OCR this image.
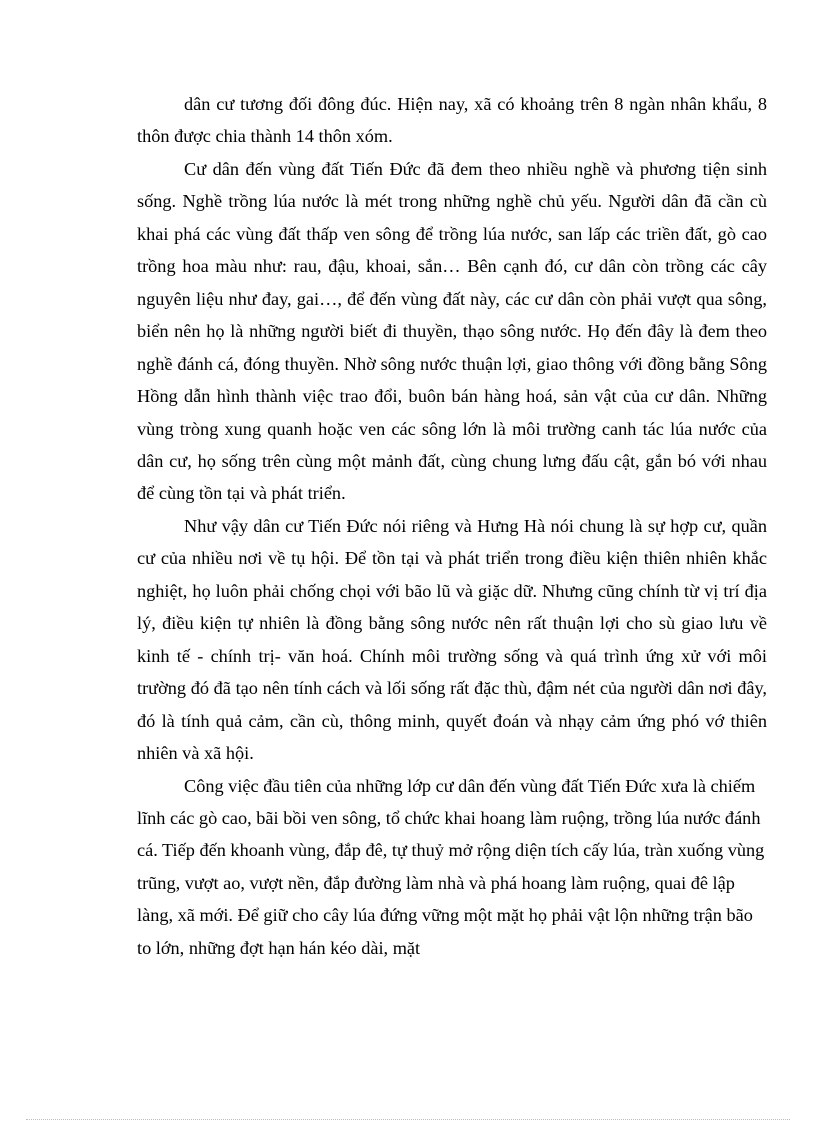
dân cư tương đối đông đúc. Hiện nay, xã có khoảng trên 8 ngàn nhân khẩu, 8 thôn được chia thành 14 thôn xóm.

Cư dân đến vùng đất Tiến Đức đã đem theo nhiều nghề và phương tiện sinh sống. Nghề trồng lúa nước là mét trong những nghề chủ yếu. Người dân đã cần cù khai phá các vùng đất thấp ven sông để trồng lúa nước, san lấp các triền đất, gò cao trồng hoa màu như: rau, đậu, khoai, sắn… Bên cạnh đó, cư dân còn trồng các cây nguyên liệu như đay, gai…, để đến vùng đất này, các cư dân còn phải vượt qua sông, biển nên họ là những người biết đi thuyền, thạo sông nước. Họ đến đây là đem theo nghề đánh cá, đóng thuyền. Nhờ sông nước thuận lợi, giao thông với đồng bằng Sông Hồng dẫn hình thành việc trao đổi, buôn bán hàng hoá, sản vật của cư dân. Những vùng tròng xung quanh hoặc ven các sông lớn là môi trường canh tác lúa nước của dân cư, họ sống trên cùng một mảnh đất, cùng chung lưng đấu cật, gắn bó với nhau để cùng tồn tại và phát triển.

Như vậy dân cư Tiến Đức nói riêng và Hưng Hà nói chung là sự hợp cư, quần cư của nhiều nơi về tụ hội. Để tồn tại và phát triển trong điều kiện thiên nhiên khắc nghiệt, họ luôn phải chống chọi với bão lũ và giặc dữ. Nhưng cũng chính từ vị trí địa lý, điều kiện tự nhiên là đồng bằng sông nước nên rất thuận lợi cho sù giao lưu về kinh tế - chính trị- văn hoá. Chính môi trường sống và quá trình ứng xử với môi trường đó đã tạo nên tính cách và lối sống rất đặc thù, đậm nét của người dân nơi đây, đó là tính quả cảm, cần cù, thông minh, quyết đoán và nhạy cảm ứng phó vớ thiên nhiên và xã hội.

Công việc đầu tiên của những lớp cư dân đến vùng đất Tiến Đức xưa là chiếm lĩnh các gò cao, bãi bồi ven sông, tổ chức khai hoang làm ruộng, trồng lúa nước đánh cá. Tiếp đến khoanh vùng, đắp đê, tự thuỷ mở rộng diện tích cấy lúa, tràn xuống vùng trũng, vượt ao, vượt nền, đắp đường làm nhà và phá hoang làm ruộng, quai đê lập làng, xã mới. Để giữ cho cây lúa đứng vững một mặt họ phải vật lộn những trận bão to lớn, những đợt hạn hán kéo dài, mặt
